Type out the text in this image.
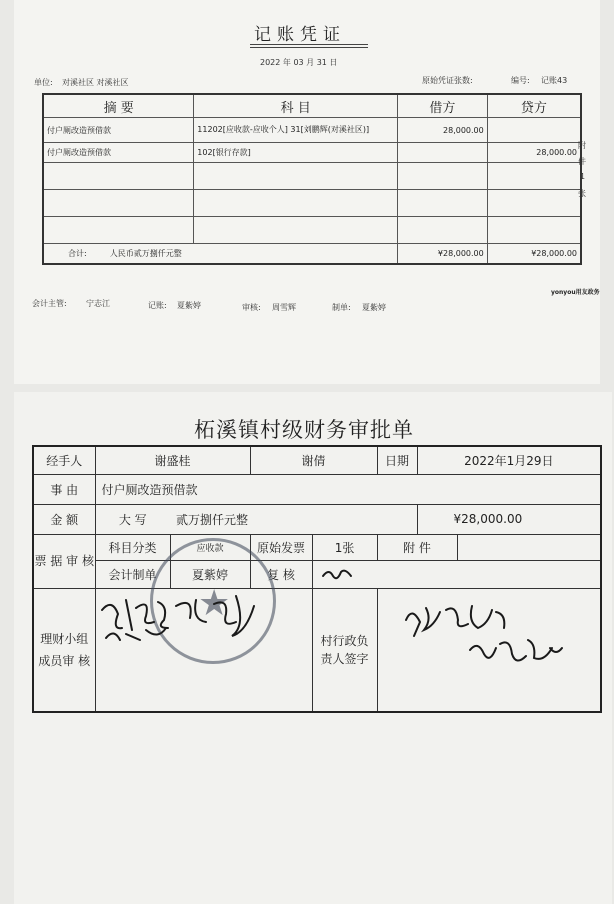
记账凭证
2022 年 03 月 31 日
单位: 对溪社区 对溪社区	原始凭证张数:	编号: 记账43
摘 要	科 目	借方	贷方
付户厕改造预借款	11202[应收款-应收个人] 31[刘鹏辉(对溪社区)]	28,000.00	
付户厕改造预借款	102[银行存款]		28,000.00

合计: 人民币贰万捌仟元整		¥28,000.00	¥28,000.00
附
件
1
张
yonyou用友政务
会计主管: 宁志江	记账: 夏紫婷	审核: 周雪辉	制单: 夏紫婷
柘溪镇村级财务审批单
经手人	谢盛桂		谢倩		日期	2022年1月29日	
事 由	付户厕改造预借款						
金 额	大 写	贰万捌仟元整				¥28,000.00	
票 据 审 核	科目分类	应收款	原始发票	1张	附 件		
	会计制单	夏紫婷	复 核	
理财小组成员审 核				村行政负责人签字			
★
